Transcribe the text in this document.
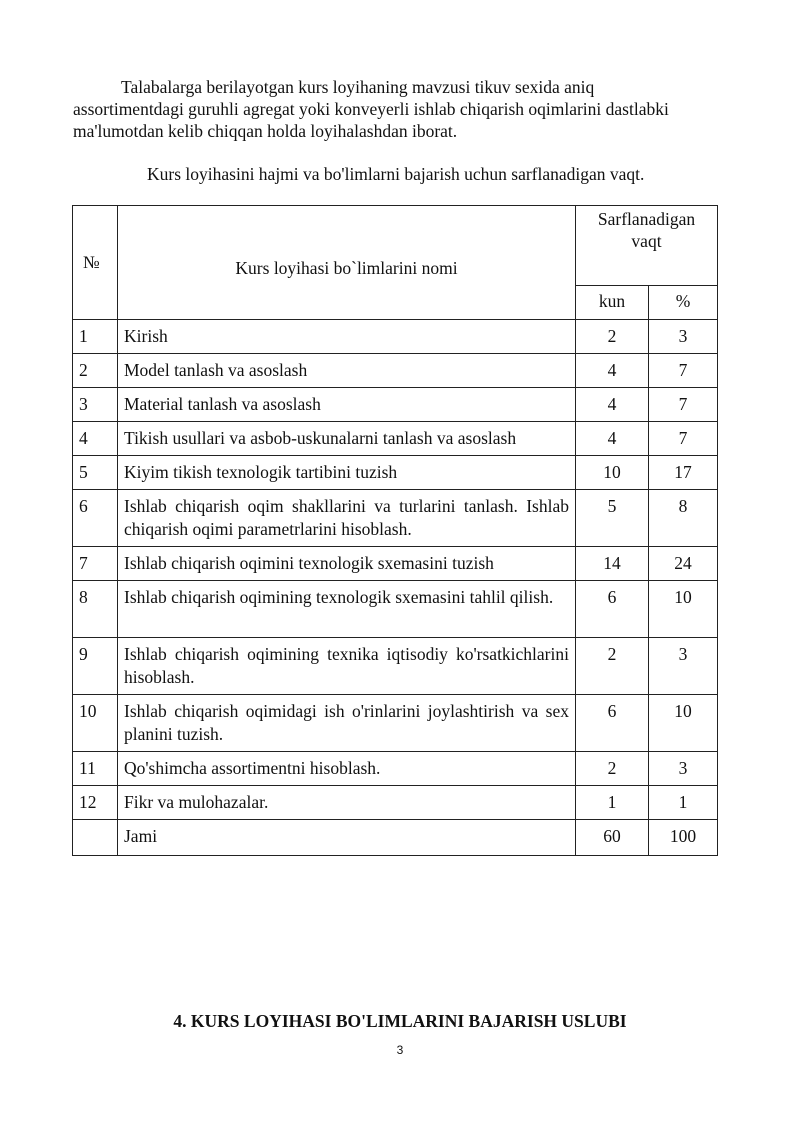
Talabalarga berilayotgan kurs loyihaning mavzusi tikuv sexida aniq
assortimentdagi guruhli agregat yoki konveyerli ishlab chiqarish oqimlarini dastlabki
ma'lumotdan kelib chiqqan holda loyihalashdan iborat.
Kurs loyihasini hajmi va bo'limlarni bajarish uchun sarflanadigan vaqt.
№	Kurs loyihasi bo`limlarini nomi	Sarflanadigan vaqt	
		kun	%
1	Kirish	2	3
2	Model tanlash va asoslash	4	7
3	Material tanlash va asoslash	4	7
4	Tikish usullari va asbob-uskunalarni tanlash va asoslash	4	7
5	Kiyim tikish texnologik tartibini tuzish	10	17
6	Ishlab chiqarish oqim shakllarini va turlarini tanlash. Ishlab chiqarish oqimi parametrlarini hisoblash.	5	8
7	Ishlab chiqarish oqimini texnologik sxemasini tuzish	14	24
8	Ishlab chiqarish oqimining texnologik sxemasini tahlil qilish.	6	10
9	Ishlab chiqarish oqimining texnika iqtisodiy ko'rsatkichlarini hisoblash.	2	3
10	Ishlab chiqarish oqimidagi ish o'rinlarini joylashtirish va sex planini tuzish.	6	10
11	Qo'shimcha assortimentni hisoblash.	2	3
12	Fikr va mulohazalar.	1	1
	Jami	60	100
4. KURS LOYIHASI BO'LIMLARINI BAJARISH USLUBI
3
